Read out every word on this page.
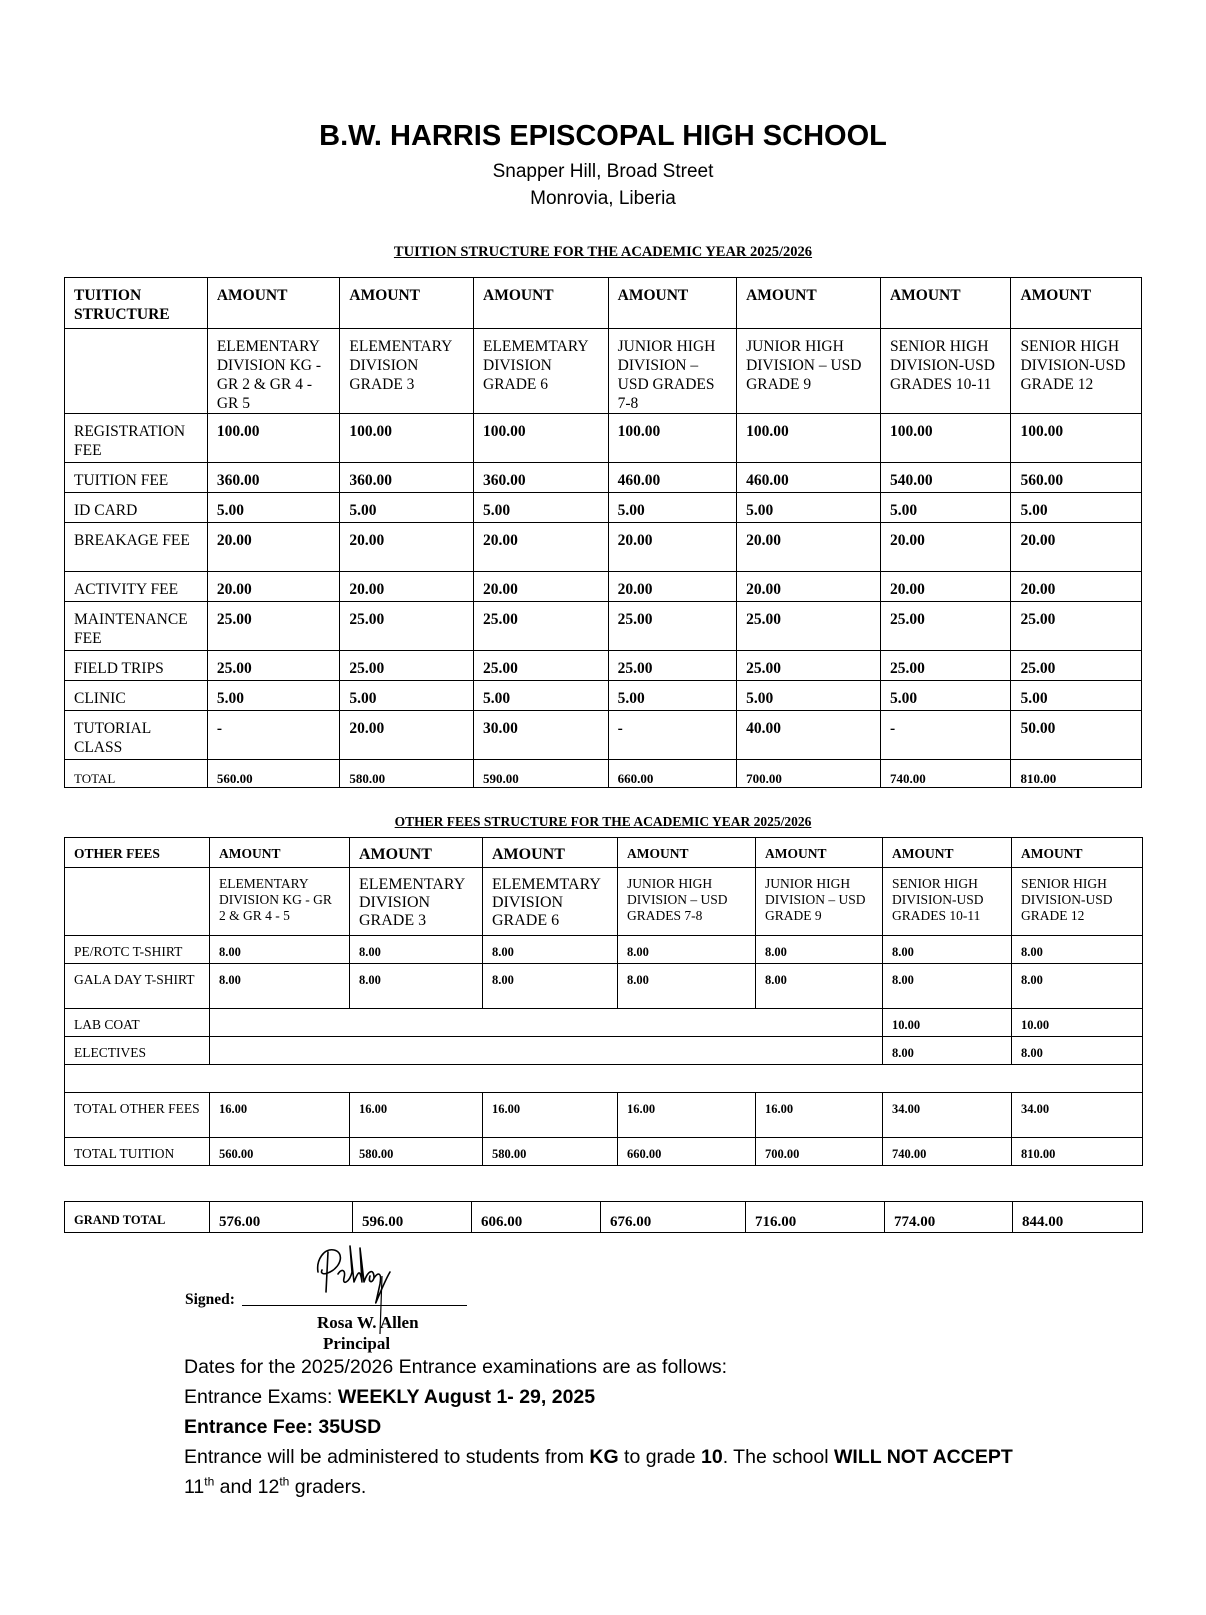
B.W. HARRIS EPISCOPAL HIGH SCHOOL
Snapper Hill, Broad Street
Monrovia, Liberia
TUITION STRUCTURE FOR THE ACADEMIC YEAR 2025/2026
TUITION STRUCTURE	AMOUNT	AMOUNT	AMOUNT	AMOUNT	AMOUNT	AMOUNT	AMOUNT
	ELEMENTARY DIVISION KG - GR 2 & GR 4 - GR 5	ELEMENTARY DIVISION GRADE 3	ELEMEMTARY DIVISION GRADE 6	JUNIOR HIGH DIVISION – USD GRADES 7-8	JUNIOR HIGH DIVISION – USD GRADE 9	SENIOR HIGH DIVISION-USD GRADES 10-11	SENIOR HIGH DIVISION-USD GRADE 12
REGISTRATION FEE	100.00	100.00	100.00	100.00	100.00	100.00	100.00
TUITION FEE	360.00	360.00	360.00	460.00	460.00	540.00	560.00
ID CARD	5.00	5.00	5.00	5.00	5.00	5.00	5.00
BREAKAGE FEE	20.00	20.00	20.00	20.00	20.00	20.00	20.00
ACTIVITY FEE	20.00	20.00	20.00	20.00	20.00	20.00	20.00
MAINTENANCE FEE	25.00	25.00	25.00	25.00	25.00	25.00	25.00
FIELD TRIPS	25.00	25.00	25.00	25.00	25.00	25.00	25.00
CLINIC	5.00	5.00	5.00	5.00	5.00	5.00	5.00
TUTORIAL CLASS	-	20.00	30.00	-	40.00	-	50.00
TOTAL	560.00	580.00	590.00	660.00	700.00	740.00	810.00
OTHER FEES STRUCTURE FOR THE ACADEMIC YEAR 2025/2026
OTHER FEES	AMOUNT	AMOUNT	AMOUNT	AMOUNT	AMOUNT	AMOUNT	AMOUNT
	ELEMENTARY DIVISION KG - GR 2 & GR 4 - 5	ELEMENTARY DIVISION GRADE 3	ELEMEMTARY DIVISION GRADE 6	JUNIOR HIGH DIVISION – USD GRADES 7-8	JUNIOR HIGH DIVISION – USD GRADE 9	SENIOR HIGH DIVISION-USD GRADES 10-11	SENIOR HIGH DIVISION-USD GRADE 12
PE/ROTC T-SHIRT	8.00	8.00	8.00	8.00	8.00	8.00	8.00
GALA DAY T-SHIRT	8.00	8.00	8.00	8.00	8.00	8.00	8.00
LAB COAT						10.00	10.00
ELECTIVES						8.00	8.00

TOTAL OTHER FEES	16.00	16.00	16.00	16.00	16.00	34.00	34.00
TOTAL TUITION	560.00	580.00	580.00	660.00	700.00	740.00	810.00
GRAND TOTAL	576.00	596.00	606.00	676.00	716.00	774.00	844.00
Signed:
Rosa W. Allen
Principal
Dates for the 2025/2026 Entrance examinations are as follows:
Entrance Exams: WEEKLY August 1- 29, 2025
Entrance Fee: 35USD
Entrance will be administered to students from KG to grade 10. The school WILL NOT ACCEPT
11th and 12th graders.
